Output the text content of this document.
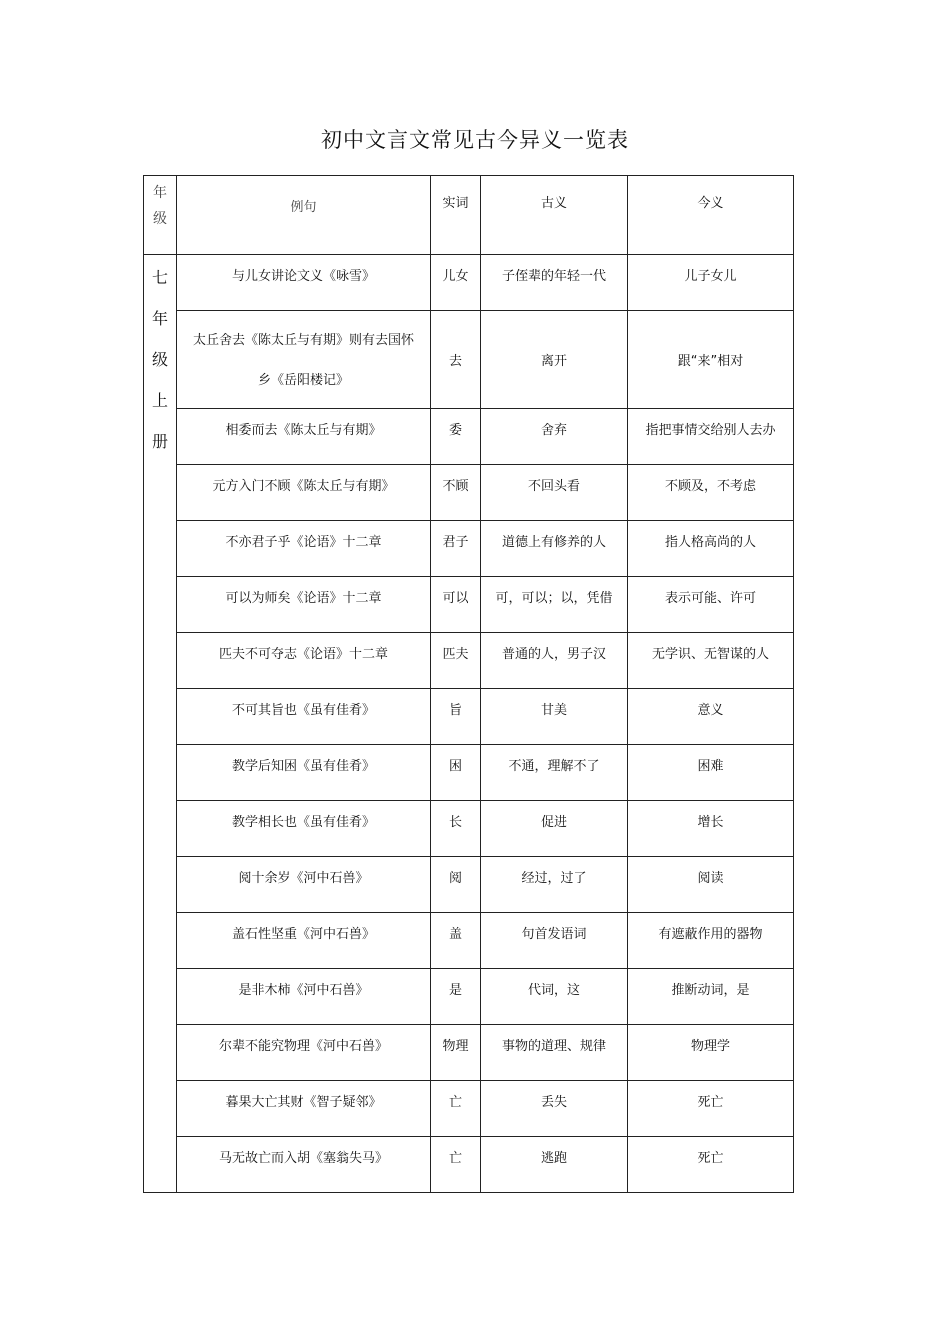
初中文言文常见古今异义一览表
年
级	例句	实词	古义	今义
七
年
级
上
册	与儿女讲论文义《咏雪》	儿女	子侄辈的年轻一代	儿子女儿
	太丘舍去《陈太丘与有期》则有去国怀
乡《岳阳楼记》	去	离开	跟“来”相对
	相委而去《陈太丘与有期》	委	舍弃	指把事情交给别人去办
	元方入门不顾《陈太丘与有期》	不顾	不回头看	不顾及，不考虑
	不亦君子乎《论语》十二章	君子	道德上有修养的人	指人格高尚的人
	可以为师矣《论语》十二章	可以	可，可以；以，凭借	表示可能、许可
	匹夫不可夺志《论语》十二章	匹夫	普通的人，男子汉	无学识、无智谋的人
	不可其旨也《虽有佳肴》	旨	甘美	意义
	教学后知困《虽有佳肴》	困	不通，理解不了	困难
	教学相长也《虽有佳肴》	长	促进	增长
	阅十余岁《河中石兽》	阅	经过，过了	阅读
	盖石性坚重《河中石兽》	盖	句首发语词	有遮蔽作用的器物
	是非木柿《河中石兽》	是	代词，这	推断动词，是
	尔辈不能究物理《河中石兽》	物理	事物的道理、规律	物理学
	暮果大亡其财《智子疑邻》	亡	丢失	死亡
	马无故亡而入胡《塞翁失马》	亡	逃跑	死亡
